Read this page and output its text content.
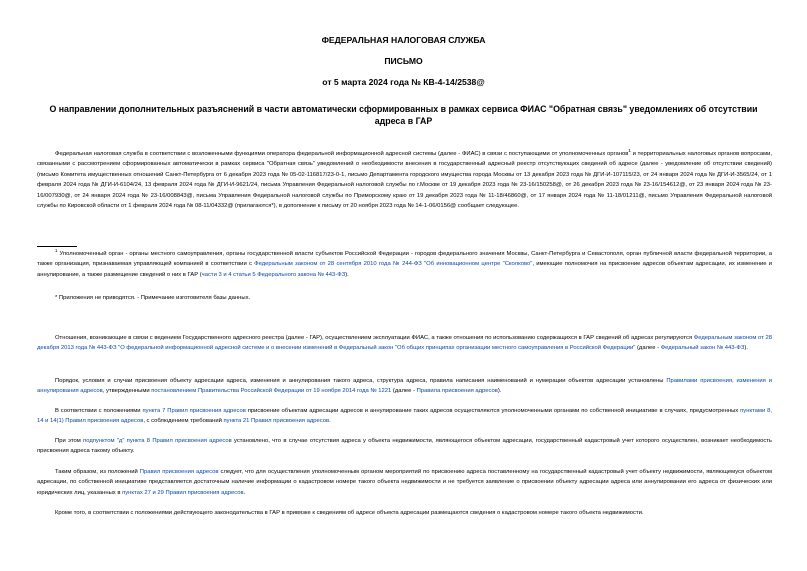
ФЕДЕРАЛЬНАЯ НАЛОГОВАЯ СЛУЖБА
ПИСЬМО
от 5 марта 2024 года № КВ-4-14/2538@
О направлении дополнительных разъяснений в части автоматически сформированных в рамках сервиса ФИАС "Обратная связь" уведомлениях об отсутствии адреса в ГАР

Федеральная налоговая служба в соответствии с возложенными функциями оператора федеральной информационной адресной системы (далее - ФИАС) в связи с поступающими от уполномоченных органов$^1$ и территориальных налоговых органов вопросами, связанными с рассмотрением сформированных автоматически в рамках сервиса "Обратная связь" уведомлений о необходимости внесения в государственный адресный реестр отсутствующих сведений об адресе (далее - уведомление об отсутствии сведений) (письмо Комитета имущественных отношений Санкт-Петербурга от 6 декабря 2023 года № 05-02-116817/23-0-1, письмо Департамента городского имущества города Москвы от 13 декабря 2023 года № ДГИ-И-107115/23, от 24 января 2024 года № ДГИ-И-3565/24, от 1 февраля 2024 года № ДГИ-И-6104/24, 13 февраля 2024 года № ДГИ-И-9621/24, письма Управления Федеральной налоговой службы по г.Москве от 19 декабря 2023 года № 23-16/150258@, от 26 декабря 2023 года № 23-16/154612@, от 23 января 2024 года № 23-16/007930@, от 24 января 2024 года № 23-16/008843@, письма Управления Федеральной налоговой службы по Приморскому краю от 19 декабря 2023 года № 11-18/46860@, от 17 января 2024 года № 11-18/01211@, письмо Управления Федеральной налоговой службы по Кировской области от 1 февраля 2024 года № 08-11/04332@ (прилагаются*), в дополнение к письму от 20 ноября 2023 года № 14-1-06/0156@ сообщает следующее.

$^1$ Уполномоченный орган - органы местного самоуправления, органы государственной власти субъектов Российской Федерации - городов федерального значения Москвы, Санкт-Петербурга и Севастополя, орган публичной власти федеральной территории, а также организация, признаваемая управляющей компанией в соответствии с Федеральным законом от 28 сентября 2010 года № 244-ФЗ "Об инновационном центре "Сколково", имеющие полномочия на присвоение адресов объектам адресации, их изменение и аннулирование, а также размещение сведений о них в ГАР (части 3 и 4 статьи 5 Федерального закона № 443-ФЗ).

* Приложения не приводятся. - Примечание изготовителя базы данных.

Отношения, возникающие в связи с ведением Государственного адресного реестра (далее - ГАР), осуществлением эксплуатации ФИАС, а также отношения по использованию содержащихся в ГАР сведений об адресах регулируются Федеральным законом от 28 декабря 2013 года № 443-ФЗ "О федеральной информационной адресной системе и о внесении изменений в Федеральный закон "Об общих принципах организации местного самоуправления в Российской Федерации" (далее - Федеральный закон № 443-ФЗ).

Порядок, условия и случаи присвоения объекту адресации адреса, изменения и аннулирования такого адреса, структура адреса, правила написания наименований и нумерации объектов адресации установлены Правилами присвоения, изменения и аннулирования адресов, утвержденными постановлением Правительства Российской Федерации от 19 ноября 2014 года № 1221 (далее - Правила присвоения адресов).

В соответствии с положениями пункта 7 Правил присвоения адресов присвоение объектам адресации адресов и аннулирование таких адресов осуществляются уполномоченными органами по собственной инициативе в случаях, предусмотренных пунктами 8, 14 и 14(1) Правил присвоения адресов, с соблюдением требований пункта 21 Правил присвоения адресов.

При этом подпунктом "д" пункта 8 Правил присвоения адресов установлено, что в случае отсутствия адреса у объекта недвижимости, являющегося объектом адресации, государственный кадастровый учет которого осуществлен, возникает необходимость присвоения адреса такому объекту.

Таким образом, из положений Правил присвоения адресов следует, что для осуществления уполномоченным органом мероприятий по присвоению адреса поставленному на государственный кадастровый учет объекту недвижимости, являющемуся объектом адресации, по собственной инициативе представляется достаточным наличие информации о кадастровом номере такого объекта недвижимости и не требуется заявление о присвоении объекту адресации адреса или аннулировании его адреса от физических или юридических лиц, указанных в пунктах 27 и 29 Правил присвоения адресов.

Кроме того, в соответствии с положениями действующего законодательства в ГАР в привязке к сведениям об адресе объекта адресации размещаются сведения о кадастровом номере такого объекта недвижимости.
